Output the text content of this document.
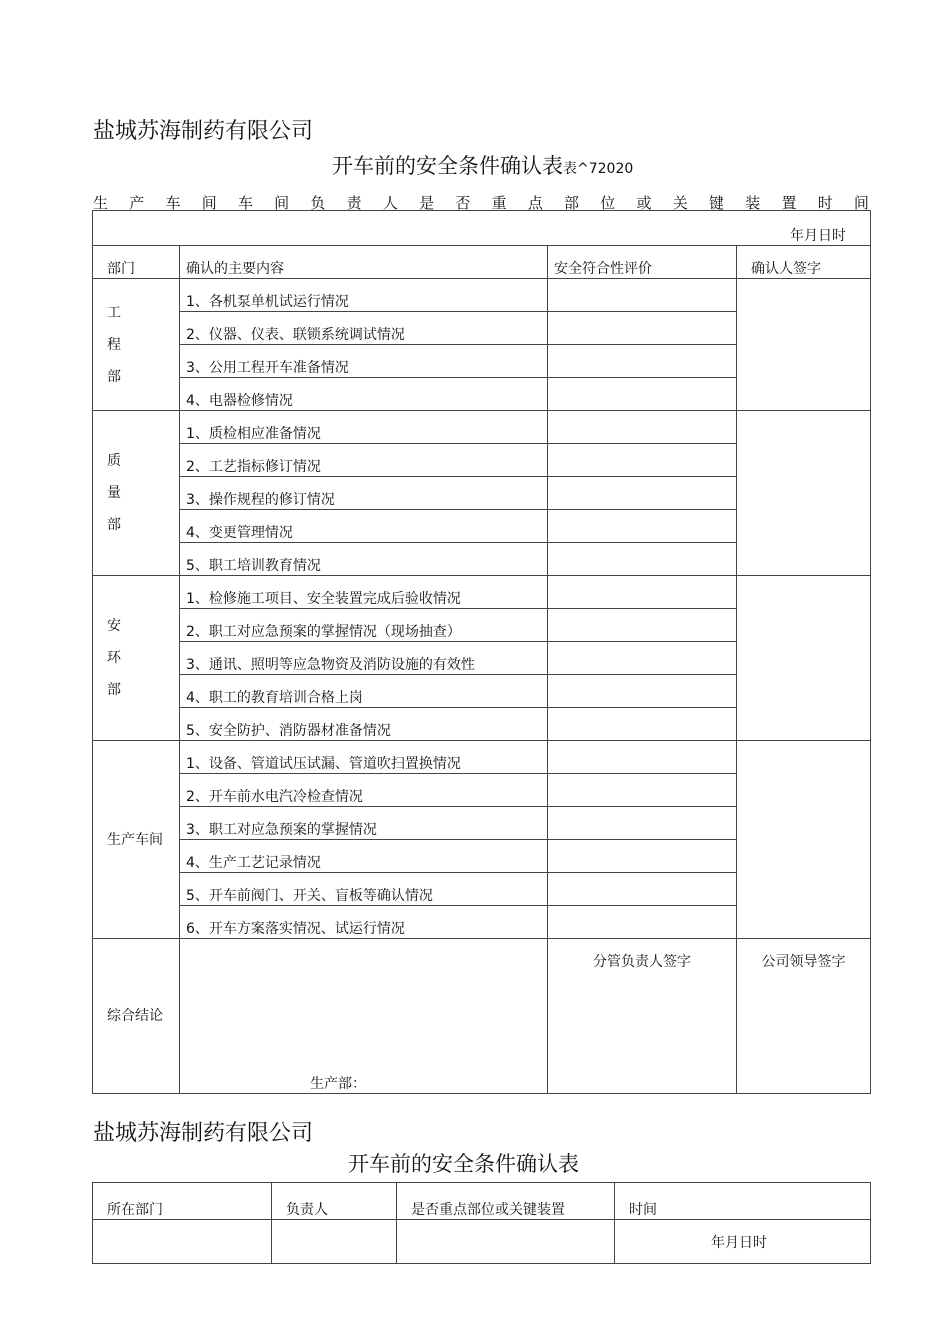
盐城苏海制药有限公司
开车前的安全条件确认表表^72020
生 产 车 间 车 间 负 责 人 是 否 重 点 部 位 或 关 键 装 置 时 间
年月日时			
部门	确认的主要内容	安全符合性评价	确认人签字
工
程
部	1、各机泵单机试运行情况		
	2、仪器、仪表、联锁系统调试情况		
	3、公用工程开车准备情况		
	4、电器检修情况		
质
量
部	1、质检相应准备情况		
	2、工艺指标修订情况		
	3、操作规程的修订情况		
	4、变更管理情况		
	5、职工培训教育情况		
安
环
部	1、检修施工项目、安全装置完成后验收情况		
	2、职工对应急预案的掌握情况（现场抽查）		
	3、通讯、照明等应急物资及消防设施的有效性		
	4、职工的教育培训合格上岗		
	5、安全防护、消防器材准备情况		
生产车间	1、设备、管道试压试漏、管道吹扫置换情况		
	2、开车前水电汽冷检查情况		
	3、职工对应急预案的掌握情况		
	4、生产工艺记录情况		
	5、开车前阀门、开关、盲板等确认情况		
	6、开车方案落实情况、试运行情况		
综合结论	生产部：	分管负责人签字	公司领导签字
盐城苏海制药有限公司
开车前的安全条件确认表
所在部门	负责人	是否重点部位或关键装置	时间
			年月日时
